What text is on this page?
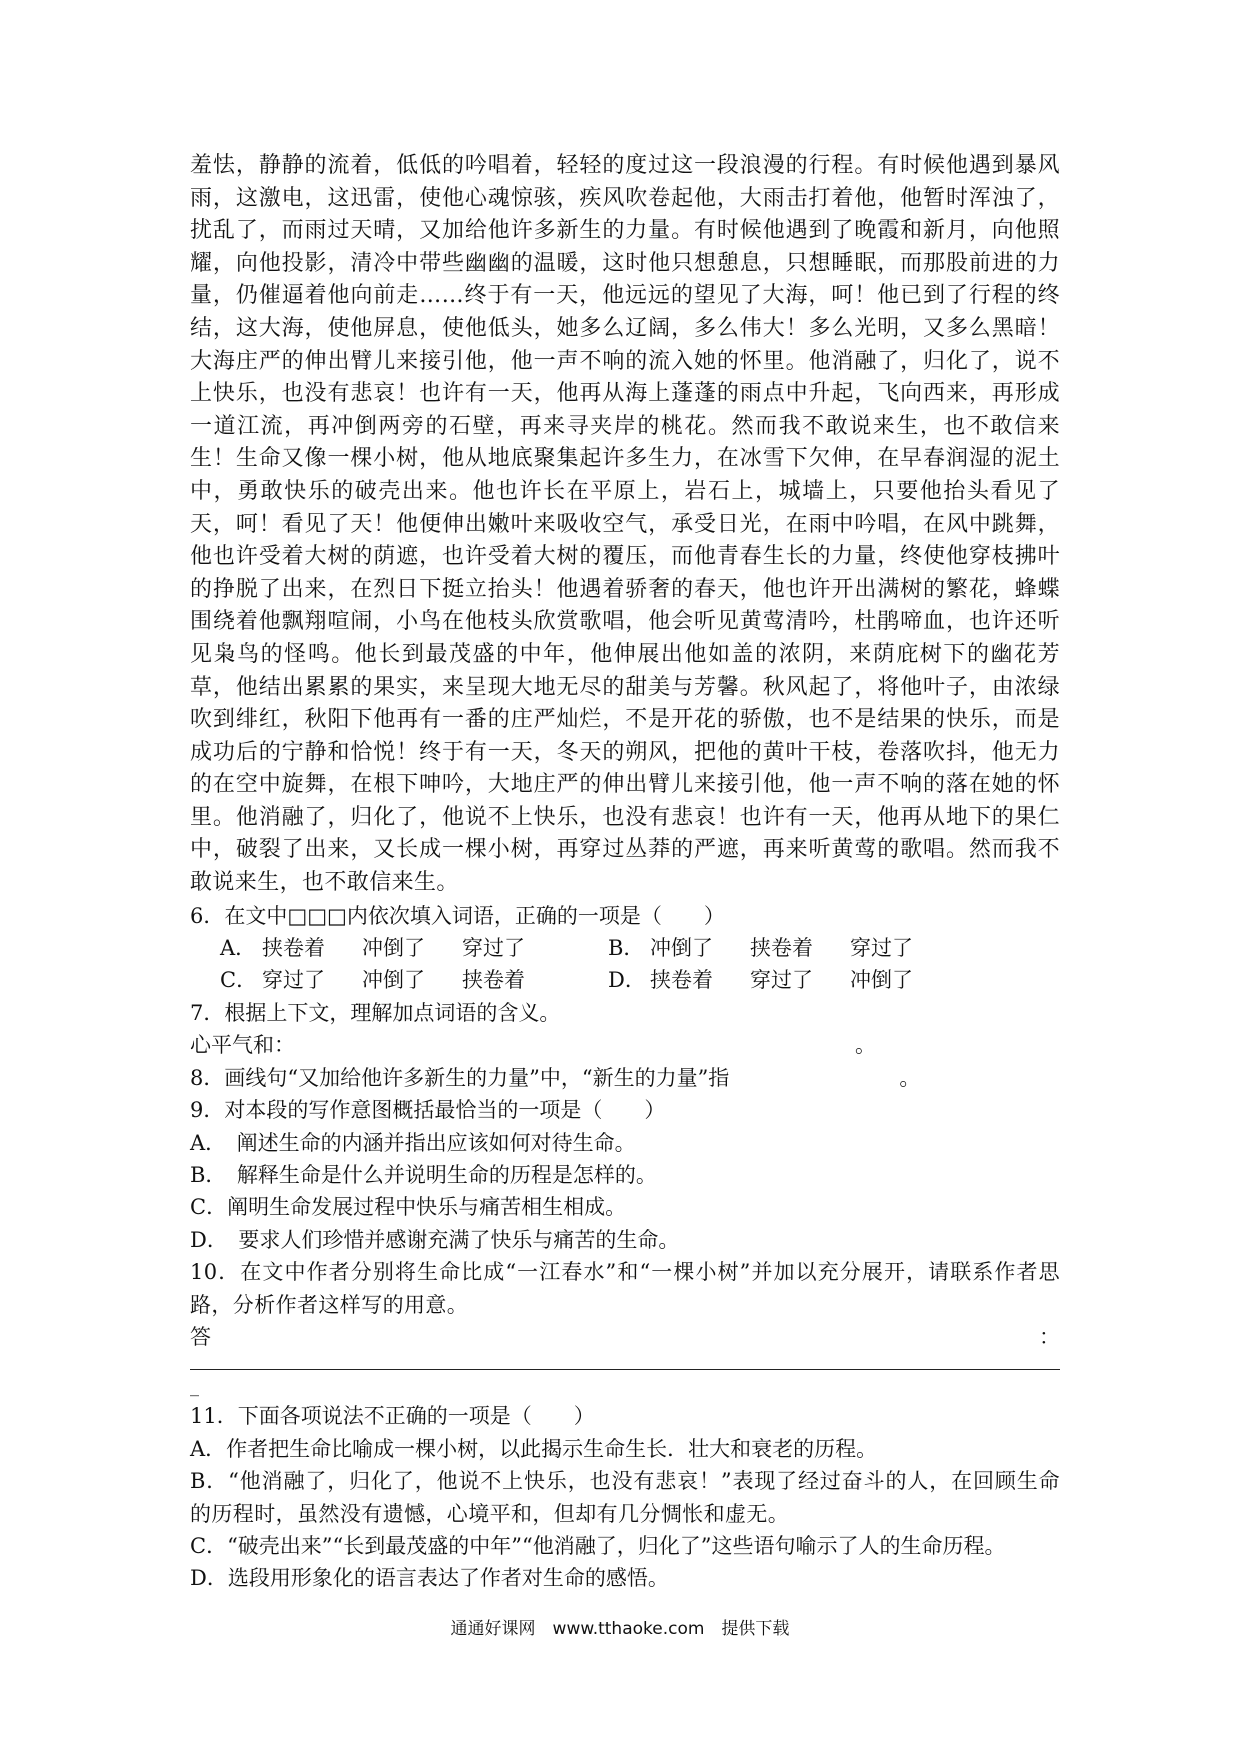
羞怯，静静的流着，低低的吟唱着，轻轻的度过这一段浪漫的行程。有时候他遇到暴风雨，这激电，这迅雷，使他心魂惊骇，疾风吹卷起他，大雨击打着他，他暂时浑浊了，扰乱了，而雨过天晴，又加给他许多新生的力量。有时候他遇到了晚霞和新月，向他照耀，向他投影，清冷中带些幽幽的温暖，这时他只想憩息，只想睡眠，而那股前进的力量，仍催逼着他向前走……终于有一天，他远远的望见了大海，呵！他已到了行程的终结，这大海，使他屏息，使他低头，她多么辽阔，多么伟大！多么光明，又多么黑暗！大海庄严的伸出臂儿来接引他，他一声不响的流入她的怀里。他消融了，归化了，说不上快乐，也没有悲哀！也许有一天，他再从海上蓬蓬的雨点中升起，飞向西来，再形成一道江流，再冲倒两旁的石壁，再来寻夹岸的桃花。然而我不敢说来生，也不敢信来生！生命又像一棵小树，他从地底聚集起许多生力，在冰雪下欠伸，在早春润湿的泥土中，勇敢快乐的破壳出来。他也许长在平原上，岩石上，城墙上，只要他抬头看见了天，呵！看见了天！他便伸出嫩叶来吸收空气，承受日光，在雨中吟唱，在风中跳舞，他也许受着大树的荫遮，也许受着大树的覆压，而他青春生长的力量，终使他穿枝拂叶的挣脱了出来，在烈日下挺立抬头！他遇着骄奢的春天，他也许开出满树的繁花，蜂蝶围绕着他飘翔喧闹，小鸟在他枝头欣赏歌唱，他会听见黄莺清吟，杜鹃啼血，也许还听见枭鸟的怪鸣。他长到最茂盛的中年，他伸展出他如盖的浓阴，来荫庇树下的幽花芳草，他结出累累的果实，来呈现大地无尽的甜美与芳馨。秋风起了，将他叶子，由浓绿吹到绯红，秋阳下他再有一番的庄严灿烂，不是开花的骄傲，也不是结果的快乐，而是成功后的宁静和恰悦！终于有一天，冬天的朔风，把他的黄叶干枝，卷落吹抖，他无力的在空中旋舞，在根下呻吟，大地庄严的伸出臂儿来接引他，他一声不响的落在她的怀里。他消融了，归化了，他说不上快乐，也没有悲哀！也许有一天，他再从地下的果仁中，破裂了出来，又长成一棵小树，再穿过丛莽的严遮，再来听黄莺的歌唱。然而我不敢说来生，也不敢信来生。

6．在文中□□□内依次填入词语，正确的一项是（　　）

A． 挟卷着	冲倒了	穿过了	B． 冲倒了	挟卷着	穿过了
C． 穿过了	冲倒了	挟卷着	D． 挟卷着	穿过了	冲倒了

7．根据上下文，理解加点词语的含义。

心平气和：	。
8．画线句“又加给他许多新生的力量”中，“新生的力量”指	。

9．对本段的写作意图概括最恰当的一项是（　　）

A．　阐述生命的内涵并指出应该如何对待生命。

B．　解释生命是什么并说明生命的历程是怎样的。

C．阐明生命发展过程中快乐与痛苦相生相成。

D．　要求人们珍惜并感谢充满了快乐与痛苦的生命。

10．在文中作者分别将生命比成“一江春水”和“一棵小树”并加以充分展开，请联系作者思路，分析作者这样写的用意。

答	：
_

11．下面各项说法不正确的一项是（　　）

A．作者把生命比喻成一棵小树，以此揭示生命生长．壮大和衰老的历程。

B．“他消融了，归化了，他说不上快乐，也没有悲哀！”表现了经过奋斗的人，在回顾生命的历程时，虽然没有遗憾，心境平和，但却有几分惆怅和虚无。

C．“破壳出来”“长到最茂盛的中年”“他消融了，归化了”这些语句喻示了人的生命历程。

D．选段用形象化的语言表达了作者对生命的感悟。

通通好课网　www.tthaoke.com　提供下载
